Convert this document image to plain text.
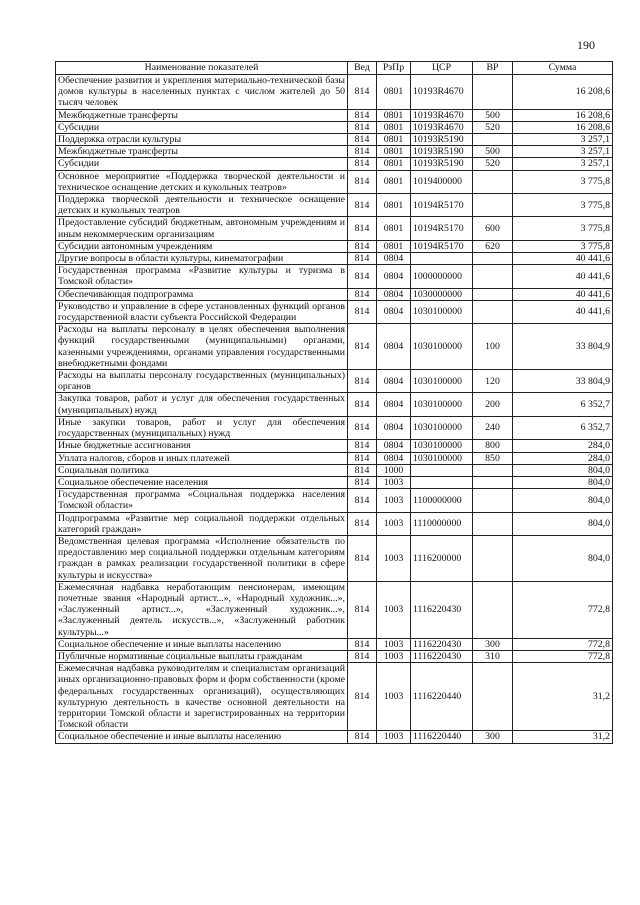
190
Наименование показателей	Вед	РзПр	ЦСР	ВР	Сумма
Обеспечение развития и укрепления материально-технической базы домов культуры в населенных пунктах с числом жителей до 50 тысяч человек	814	0801	10193R4670		16 208,6
Межбюджетные трансферты	814	0801	10193R4670	500	16 208,6
Субсидии	814	0801	10193R4670	520	16 208,6
Поддержка отрасли культуры	814	0801	10193R5190		3 257,1
Межбюджетные трансферты	814	0801	10193R5190	500	3 257,1
Субсидии	814	0801	10193R5190	520	3 257,1
Основное мероприятие «Поддержка творческой деятельности и техническое оснащение детских и кукольных театров»	814	0801	1019400000		3 775,8
Поддержка творческой деятельности и техническое оснащение детских и кукольных театров	814	0801	10194R5170		3 775,8
Предоставление субсидий бюджетным, автономным учреждениям и иным некоммерческим организациям	814	0801	10194R5170	600	3 775,8
Субсидии автономным учреждениям	814	0801	10194R5170	620	3 775,8
Другие вопросы в области культуры, кинематографии	814	0804			40 441,6
Государственная программа «Развитие культуры и туризма в Томской области»	814	0804	1000000000		40 441,6
Обеспечивающая подпрограмма	814	0804	1030000000		40 441,6
Руководство и управление в сфере установленных функций органов государственной власти субъекта Российской Федерации	814	0804	1030100000		40 441,6
Расходы на выплаты персоналу в целях обеспечения выполнения функций государственными (муниципальными) органами, казенными учреждениями, органами управления государственными внебюджетными фондами	814	0804	1030100000	100	33 804,9
Расходы на выплаты персоналу государственных (муниципальных) органов	814	0804	1030100000	120	33 804,9
Закупка товаров, работ и услуг для обеспечения государственных (муниципальных) нужд	814	0804	1030100000	200	6 352,7
Иные закупки товаров, работ и услуг для обеспечения государственных (муниципальных) нужд	814	0804	1030100000	240	6 352,7
Иные бюджетные ассигнования	814	0804	1030100000	800	284,0
Уплата налогов, сборов и иных платежей	814	0804	1030100000	850	284,0
Социальная политика	814	1000			804,0
Социальное обеспечение населения	814	1003			804,0
Государственная программа «Социальная поддержка населения Томской области»	814	1003	1100000000		804,0
Подпрограмма «Развитие мер социальной поддержки отдельных категорий граждан»	814	1003	1110000000		804,0
Ведомственная целевая программа «Исполнение обязательств по предоставлению мер социальной поддержки отдельным категориям граждан в рамках реализации государственной политики в сфере культуры и искусства»	814	1003	1116200000		804,0
Ежемесячная надбавка неработающим пенсионерам, имеющим почетные звания «Народный артист...», «Народный художник...», «Заслуженный артист...», «Заслуженный художник...», «Заслуженный деятель искусств...», «Заслуженный работник культуры...»	814	1003	1116220430		772,8
Социальное обеспечение и иные выплаты населению	814	1003	1116220430	300	772,8
Публичные нормативные социальные выплаты гражданам	814	1003	1116220430	310	772,8
Ежемесячная надбавка руководителям и специалистам организаций иных организационно-правовых форм и форм собственности (кроме федеральных государственных организаций), осуществляющих культурную деятельность в качестве основной деятельности на территории Томской области и зарегистрированных на территории Томской области	814	1003	1116220440		31,2
Социальное обеспечение и иные выплаты населению	814	1003	1116220440	300	31,2
